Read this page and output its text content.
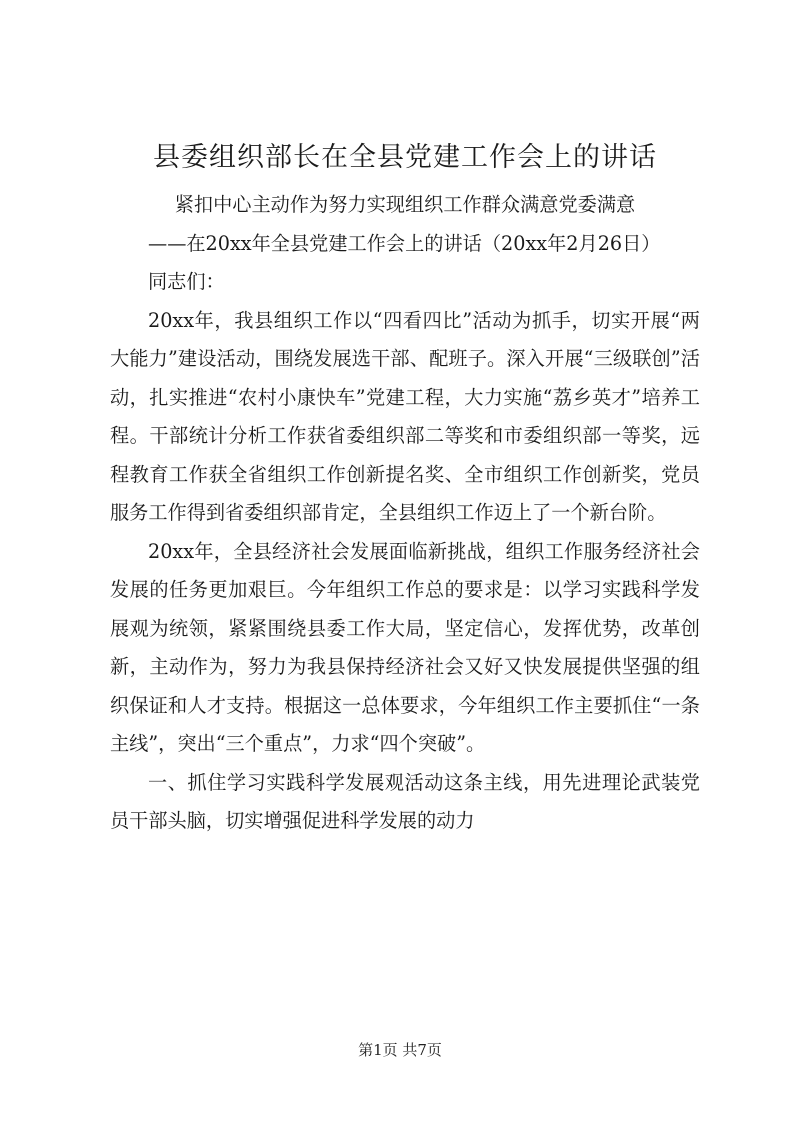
县委组织部长在全县党建工作会上的讲话

紧扣中心主动作为努力实现组织工作群众满意党委满意

——在20xx年全县党建工作会上的讲话（20xx年2月26日）

同志们：

20xx年，我县组织工作以“四看四比”活动为抓手，切实开展“两大能力”建设活动，围绕发展选干部、配班子。深入开展“三级联创”活动，扎实推进“农村小康快车”党建工程，大力实施“荔乡英才”培养工程。干部统计分析工作获省委组织部二等奖和市委组织部一等奖，远程教育工作获全省组织工作创新提名奖、全市组织工作创新奖，党员服务工作得到省委组织部肯定，全县组织工作迈上了一个新台阶。

20xx年，全县经济社会发展面临新挑战，组织工作服务经济社会发展的任务更加艰巨。今年组织工作总的要求是：以学习实践科学发展观为统领，紧紧围绕县委工作大局，坚定信心，发挥优势，改革创新，主动作为，努力为我县保持经济社会又好又快发展提供坚强的组织保证和人才支持。根据这一总体要求，今年组织工作主要抓住“一条主线”，突出“三个重点”，力求“四个突破”。

一、抓住学习实践科学发展观活动这条主线，用先进理论武装党员干部头脑，切实增强促进科学发展的动力

第1页 共7页
